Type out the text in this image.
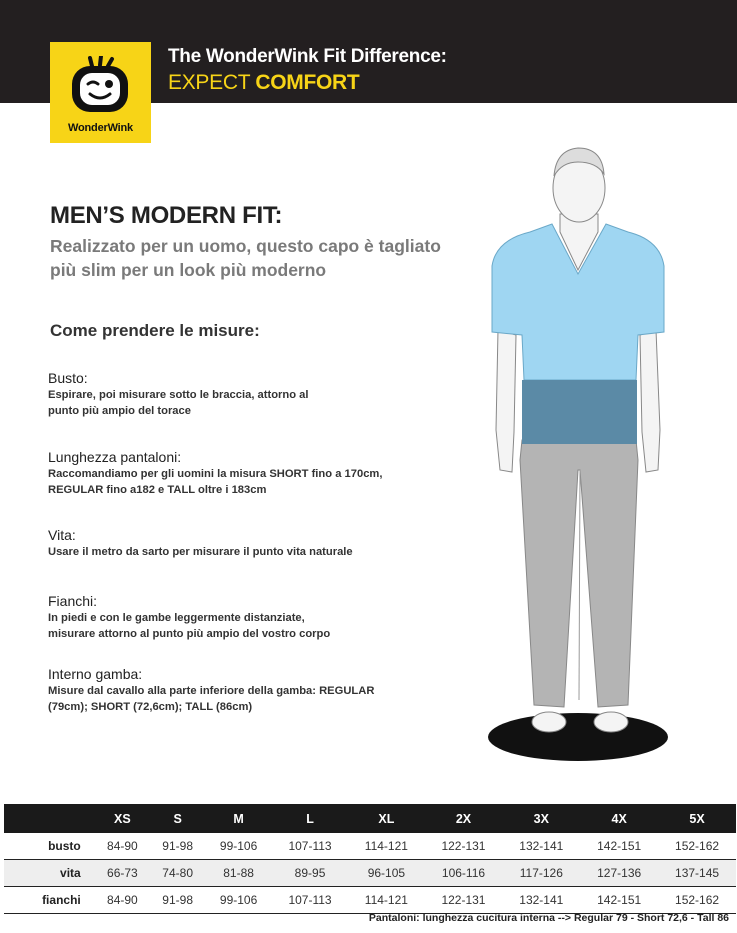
The WonderWink Fit Difference:
EXPECT COMFORT
WonderWink
MEN’S MODERN FIT:
Realizzato per un uomo, questo capo è tagliato più slim per un look più moderno
Come prendere le misure:
Busto:
Espirare, poi misurare sotto le braccia, attorno al
punto più ampio del torace
Lunghezza pantaloni:
Raccomandiamo per gli uomini la misura SHORT fino a 170cm,
REGULAR fino a182 e TALL oltre i 183cm
Vita:
Usare il metro da sarto per misurare il punto vita naturale
Fianchi:
In piedi e con le gambe leggermente distanziate,
misurare attorno al punto più ampio del vostro corpo
Interno gamba:
Misure dal cavallo alla parte inferiore della gamba: REGULAR
(79cm); SHORT (72,6cm); TALL (86cm)
	XS	S	M	L	XL	2X	3X	4X	5X
busto	84-90	91-98	99-106	107-113	114-121	122-131	132-141	142-151	152-162
vita	66-73	74-80	81-88	89-95	96-105	106-116	117-126	127-136	137-145
fianchi	84-90	91-98	99-106	107-113	114-121	122-131	132-141	142-151	152-162
Pantaloni: lunghezza cucitura interna --> Regular 79 - Short 72,6 - Tall 86
